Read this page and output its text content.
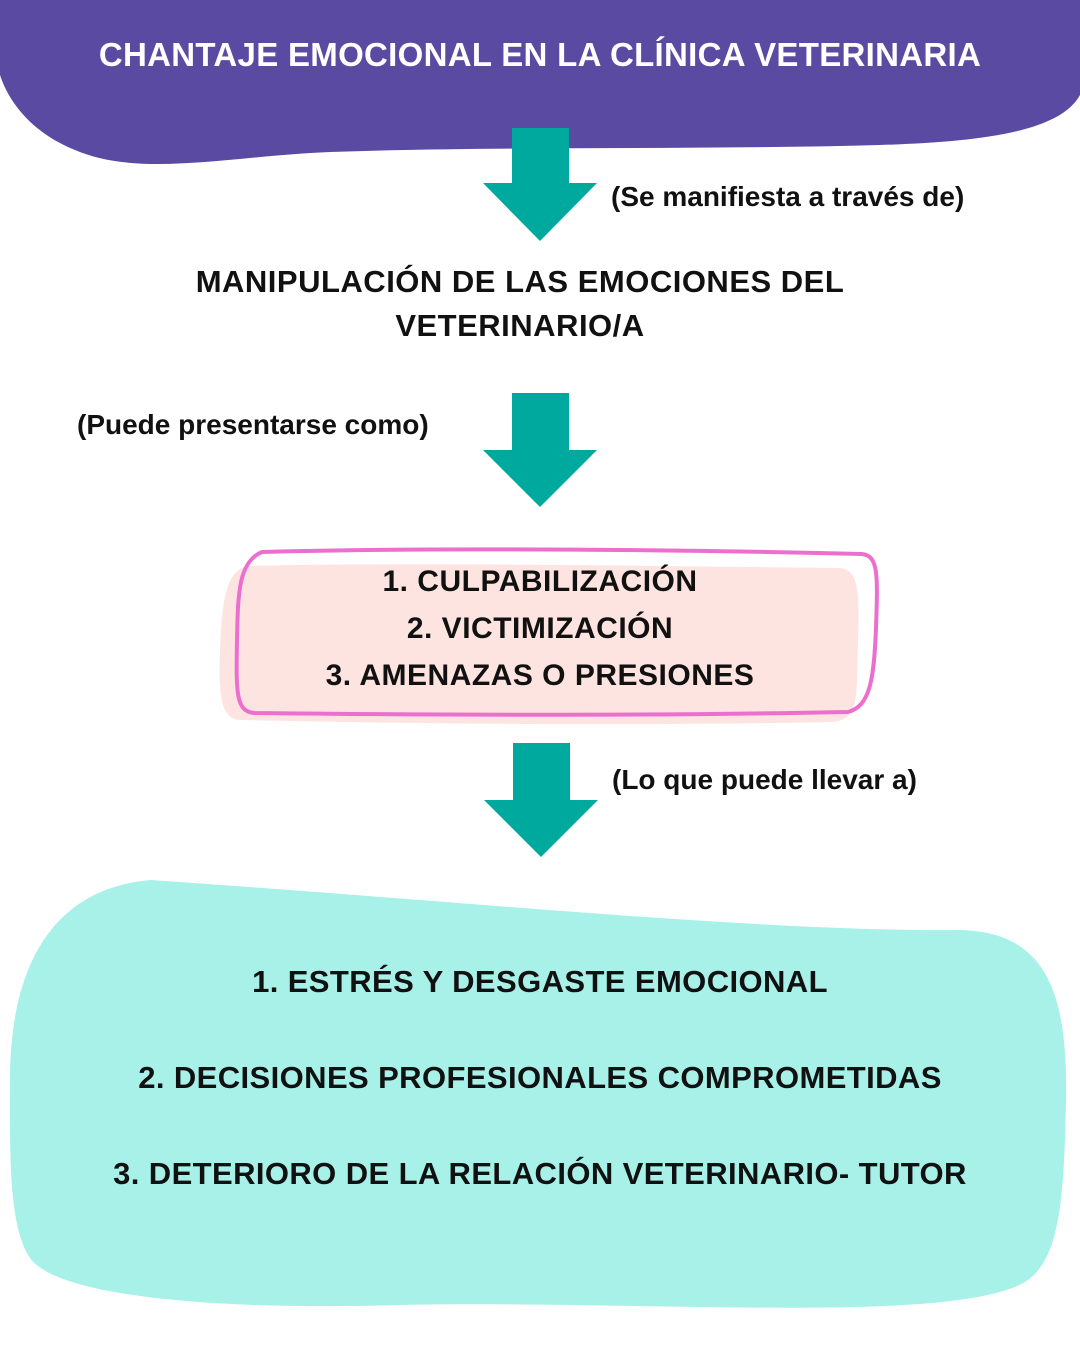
CHANTAJE EMOCIONAL EN LA CLÍNICA VETERINARIA
(Se manifiesta a través de)
MANIPULACIÓN DE LAS EMOCIONES DEL
VETERINARIO/A
(Puede presentarse como)
1. CULPABILIZACIÓN
2. VICTIMIZACIÓN
3. AMENAZAS O PRESIONES
(Lo que puede llevar a)
1. ESTRÉS Y DESGASTE EMOCIONAL
2. DECISIONES PROFESIONALES COMPROMETIDAS
3. DETERIORO DE LA RELACIÓN VETERINARIO- TUTOR
